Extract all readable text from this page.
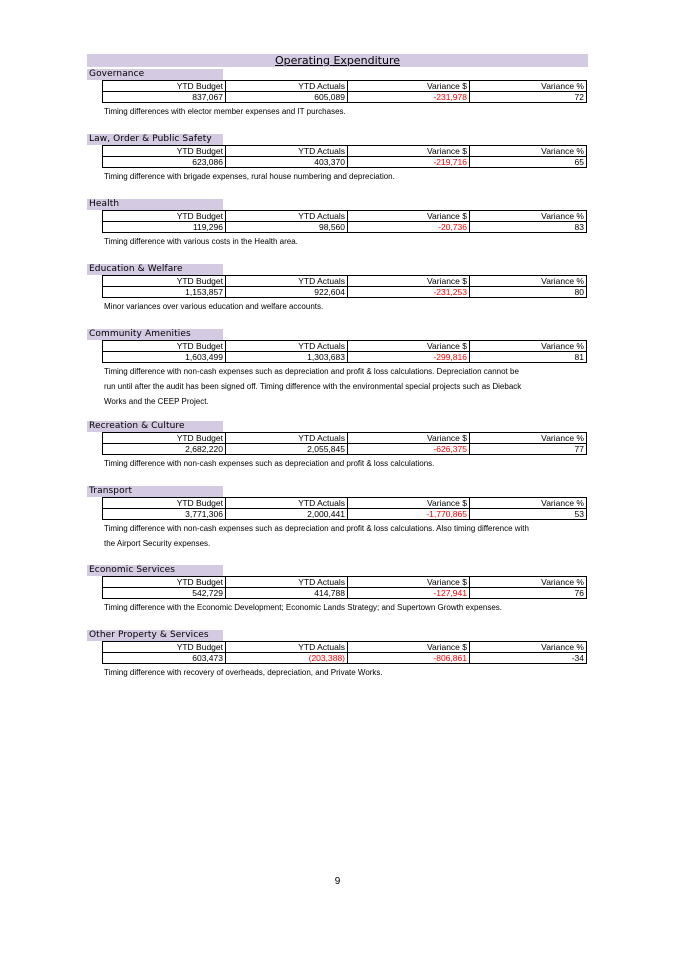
Operating Expenditure
Governance
YTD Budget	YTD Actuals	Variance $	Variance %
837,067	605,089	-231,978	72
Timing differences with elector member expenses and IT purchases.
Law, Order & Public Safety
YTD Budget	YTD Actuals	Variance $	Variance %
623,086	403,370	-219,716	65
Timing difference with brigade expenses, rural house numbering and depreciation.
Health
YTD Budget	YTD Actuals	Variance $	Variance %
119,296	98,560	-20,736	83
Timing difference with various costs in the Health area.
Education & Welfare
YTD Budget	YTD Actuals	Variance $	Variance %
1,153,857	922,604	-231,253	80
Minor variances over various education and welfare accounts.
Community Amenities
YTD Budget	YTD Actuals	Variance $	Variance %
1,603,499	1,303,683	-299,816	81
Timing difference with non-cash expenses such as depreciation and profit & loss calculations. Depreciation cannot be
run until after the audit has been signed off. Timing difference with the environmental special projects such as Dieback
Works and the CEEP Project.
Recreation & Culture
YTD Budget	YTD Actuals	Variance $	Variance %
2,682,220	2,055,845	-626,375	77
Timing difference with non-cash expenses such as depreciation and profit & loss calculations.
Transport
YTD Budget	YTD Actuals	Variance $	Variance %
3,771,306	2,000,441	-1,770,865	53
Timing difference with non-cash expenses such as depreciation and profit & loss calculations. Also timing difference with
the Airport Security expenses.
Economic Services
YTD Budget	YTD Actuals	Variance $	Variance %
542,729	414,788	-127,941	76
Timing difference with the Economic Development; Economic Lands Strategy; and Supertown Growth expenses.
Other Property & Services
YTD Budget	YTD Actuals	Variance $	Variance %
603,473	(203,388)	-806,861	-34
Timing difference with recovery of overheads, depreciation, and Private Works.
9
